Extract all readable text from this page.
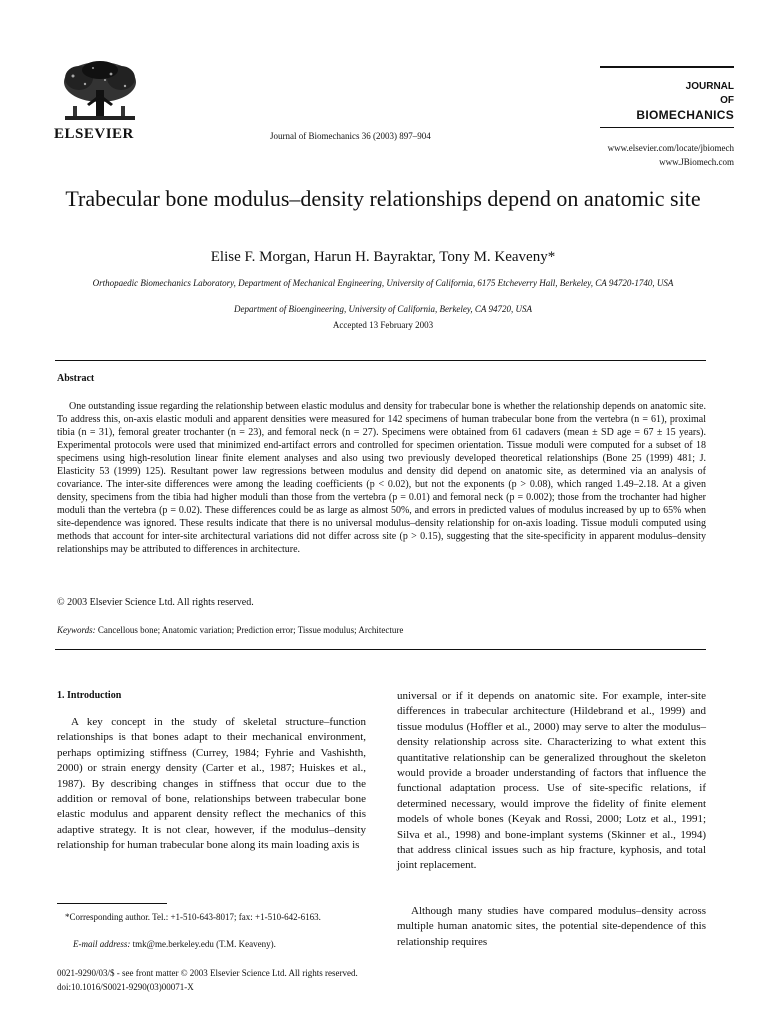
ELSEVIER	Journal of Biomechanics 36 (2003) 897–904
JOURNAL
OF
BIOMECHANICS
www.elsevier.com/locate/jbiomech
www.JBiomech.com
Trabecular bone modulus–density relationships depend on anatomic site
Elise F. Morgan, Harun H. Bayraktar, Tony M. Keaveny*
Orthopaedic Biomechanics Laboratory, Department of Mechanical Engineering, University of California, 6175 Etcheverry Hall, Berkeley, CA 94720-1740, USA
Department of Bioengineering, University of California, Berkeley, CA 94720, USA
Accepted 13 February 2003
Abstract

One outstanding issue regarding the relationship between elastic modulus and density for trabecular bone is whether the relationship depends on anatomic site. To address this, on-axis elastic moduli and apparent densities were measured for 142 specimens of human trabecular bone from the vertebra (n = 61), proximal tibia (n = 31), femoral greater trochanter (n = 23), and femoral neck (n = 27). Specimens were obtained from 61 cadavers (mean ± SD age = 67 ± 15 years). Experimental protocols were used that minimized end-artifact errors and controlled for specimen orientation. Tissue moduli were computed for a subset of 18 specimens using high-resolution linear finite element analyses and also using two previously developed theoretical relationships (Bone 25 (1999) 481; J. Elasticity 53 (1999) 125). Resultant power law regressions between modulus and density did depend on anatomic site, as determined via an analysis of covariance. The inter-site differences were among the leading coefficients (p < 0.02), but not the exponents (p > 0.08), which ranged 1.49–2.18. At a given density, specimens from the tibia had higher moduli than those from the vertebra (p = 0.01) and femoral neck (p = 0.002); those from the trochanter had higher moduli than the vertebra (p = 0.02). These differences could be as large as almost 50%, and errors in predicted values of modulus increased by up to 65% when site-dependence was ignored. These results indicate that there is no universal modulus–density relationship for on-axis loading. Tissue moduli computed using methods that account for inter-site architectural variations did not differ across site (p > 0.15), suggesting that the site-specificity in apparent modulus–density relationships may be attributed to differences in architecture.

© 2003 Elsevier Science Ltd. All rights reserved.
Keywords: Cancellous bone; Anatomic variation; Prediction error; Tissue modulus; Architecture
1. Introduction

A key concept in the study of skeletal structure–function relationships is that bones adapt to their mechanical environment, perhaps optimizing stiffness (Currey, 1984; Fyhrie and Vashishth, 2000) or strain energy density (Carter et al., 1987; Huiskes et al., 1987). By describing changes in stiffness that occur due to the addition or removal of bone, relationships between trabecular bone elastic modulus and apparent density reflect the mechanics of this adaptive strategy. It is not clear, however, if the modulus–density relationship for human trabecular bone along its main loading axis is

universal or if it depends on anatomic site. For example, inter-site differences in trabecular architecture (Hildebrand et al., 1999) and tissue modulus (Hoffler et al., 2000) may serve to alter the modulus–density relationship across site. Characterizing to what extent this quantitative relationship can be generalized throughout the skeleton would provide a broader understanding of factors that influence the functional adaptation process. Use of site-specific relations, if determined necessary, would improve the fidelity of finite element models of whole bones (Keyak and Rossi, 2000; Lotz et al., 1991; Silva et al., 1998) and bone-implant systems (Skinner et al., 1994) that address clinical issues such as hip fracture, kyphosis, and total joint replacement.

Although many studies have compared modulus–density across multiple human anatomic sites, the potential site-dependence of this relationship requires

*Corresponding author. Tel.: +1-510-643-8017; fax: +1-510-642-6163.

E-mail address: tmk@me.berkeley.edu (T.M. Keaveny).
0021-9290/03/$ - see front matter © 2003 Elsevier Science Ltd. All rights reserved.
doi:10.1016/S0021-9290(03)00071-X
